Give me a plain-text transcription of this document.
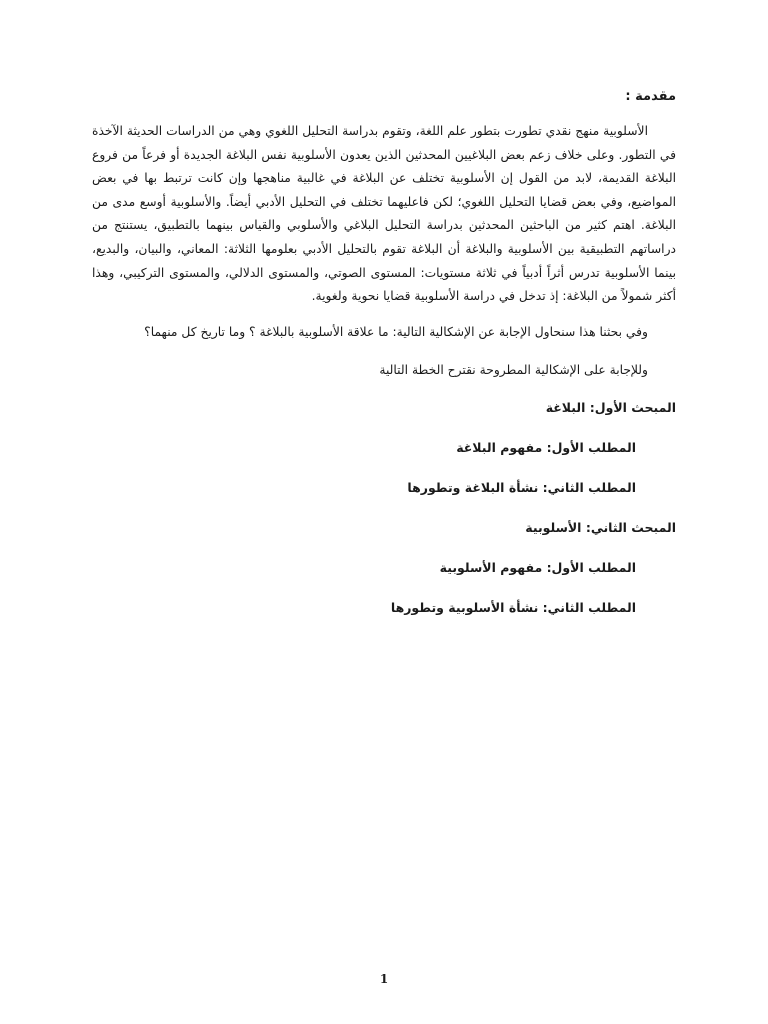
مقدمة :

الأسلوبية منهج نقدي تطورت بتطور علم اللغة، وتقوم بدراسة التحليل اللغوي وهي من الدراسات الحديثة الآخذة في التطور. وعلى خلاف زعم بعض البلاغيين المحدثين الذين يعدون الأسلوبية نفس البلاغة الجديدة أو فرعاً من فروع البلاغة القديمة، لابد من القول إن الأسلوبية تختلف عن البلاغة في غالبية مناهجها وإن كانت ترتبط بها في بعض المواضيع، وفي بعض قضايا التحليل اللغوي؛ لكن فاعليهما تختلف في التحليل الأدبي أيضاً. والأسلوبية أوسع مدى من البلاغة. اهتم كثير من الباحثين المحدثين بدراسة التحليل البلاغي والأسلوبي والقياس بينهما بالتطبيق، يستنتج من دراساتهم التطبيقية بين الأسلوبية والبلاغة أن البلاغة تقوم بالتحليل الأدبي بعلومها الثلاثة: المعاني، والبيان، والبديع، بينما الأسلوبية تدرس أثراً أدبياً في ثلاثة مستويات: المستوى الصوتي، والمستوى الدلالي، والمستوى التركيبي، وهذا أكثر شمولاً من البلاغة: إذ تدخل في دراسة الأسلوبية قضايا نحوية ولغوية.

وفي بحثنا هذا سنحاول الإجابة عن الإشكالية التالية: ما علاقة الأسلوبية بالبلاغة ؟ وما تاريخ كل منهما؟

وللإجابة على الإشكالية المطروحة نقترح الخطة التالية

المبحث الأول: البلاغة

المطلب الأول: مفهوم البلاغة

المطلب الثاني: نشأة البلاغة وتطورها

المبحث الثاني: الأسلوبية

المطلب الأول: مفهوم الأسلوبية

المطلب الثاني: نشأة الأسلوبية وتطورها

1
